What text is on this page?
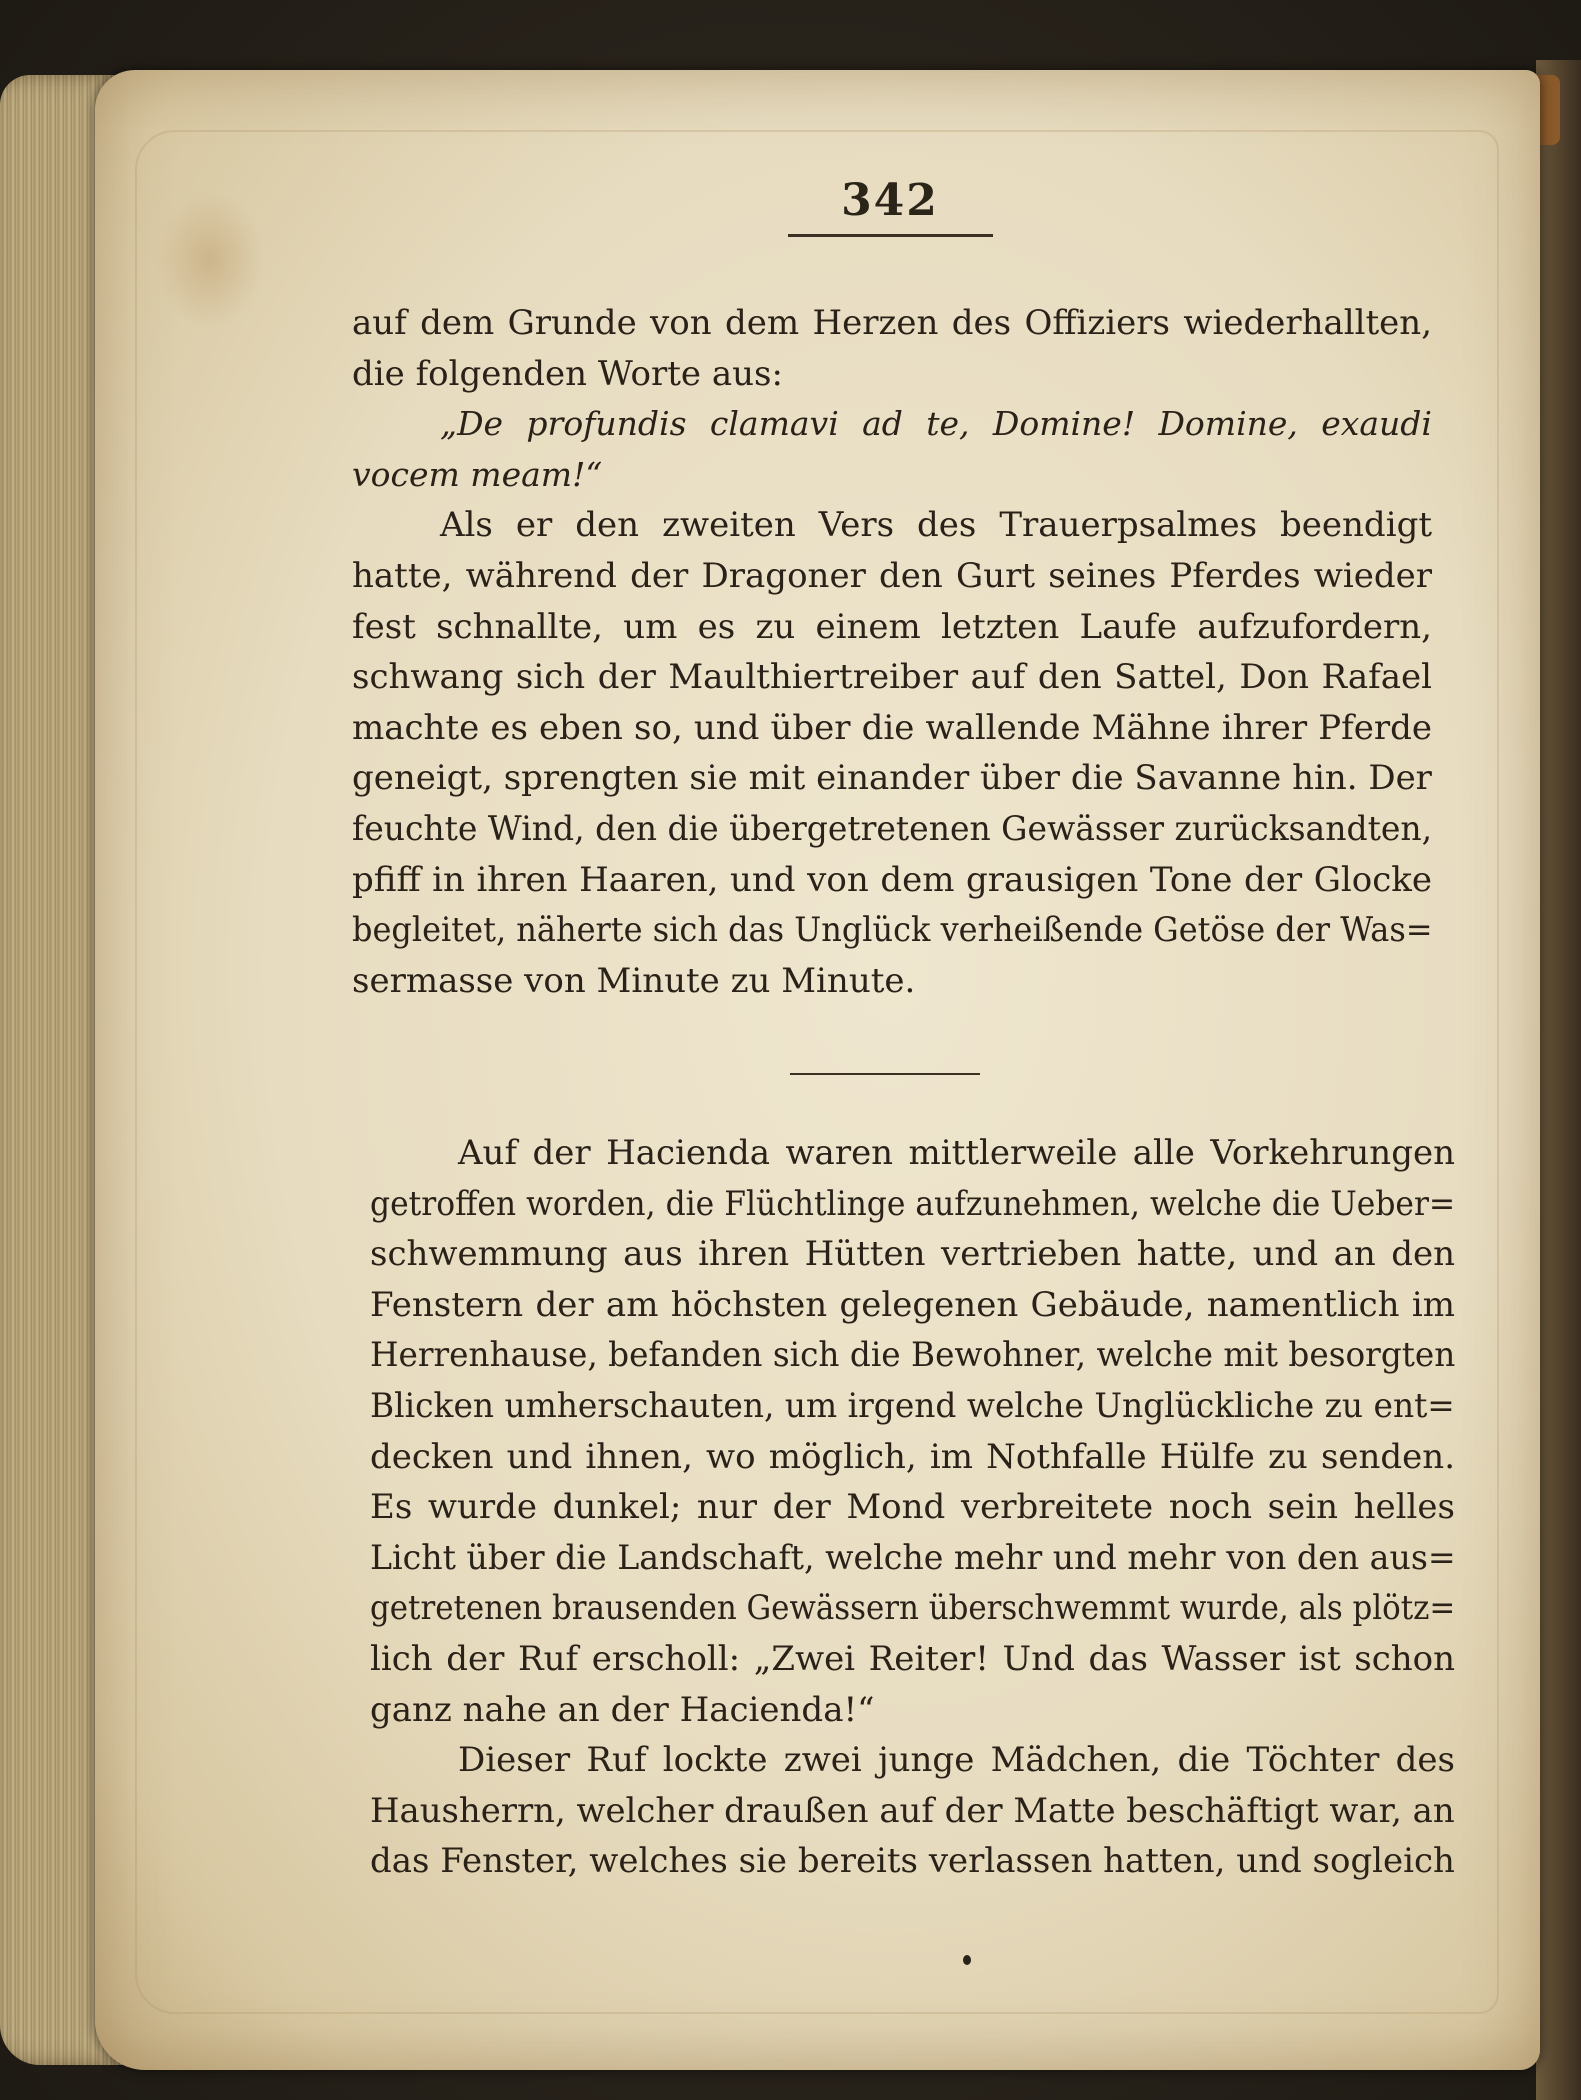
342
auf dem Grunde von dem Herzen des Offiziers wiederhallten,
die folgenden Worte aus:
„De profundis clamavi ad te, Domine! Domine, exaudi
vocem meam!“
Als er den zweiten Vers des Trauerpsalmes beendigt
hatte, während der Dragoner den Gurt seines Pferdes wieder
fest schnallte, um es zu einem letzten Laufe aufzufordern,
schwang sich der Maulthiertreiber auf den Sattel, Don Rafael
machte es eben so, und über die wallende Mähne ihrer Pferde
geneigt, sprengten sie mit einander über die Savanne hin. Der
feuchte Wind, den die übergetretenen Gewässer zurücksandten,
pfiff in ihren Haaren, und von dem grausigen Tone der Glocke
begleitet, näherte sich das Unglück verheißende Getöse der Was=
sermasse von Minute zu Minute.
Auf der Hacienda waren mittlerweile alle Vorkehrungen
getroffen worden, die Flüchtlinge aufzunehmen, welche die Ueber=
schwemmung aus ihren Hütten vertrieben hatte, und an den
Fenstern der am höchsten gelegenen Gebäude, namentlich im
Herrenhause, befanden sich die Bewohner, welche mit besorgten
Blicken umherschauten, um irgend welche Unglückliche zu ent=
decken und ihnen, wo möglich, im Nothfalle Hülfe zu senden.
Es wurde dunkel; nur der Mond verbreitete noch sein helles
Licht über die Landschaft, welche mehr und mehr von den aus=
getretenen brausenden Gewässern überschwemmt wurde, als plötz=
lich der Ruf erscholl: „Zwei Reiter! Und das Wasser ist schon
ganz nahe an der Hacienda!“
Dieser Ruf lockte zwei junge Mädchen, die Töchter des
Hausherrn, welcher draußen auf der Matte beschäftigt war, an
das Fenster, welches sie bereits verlassen hatten, und sogleich
